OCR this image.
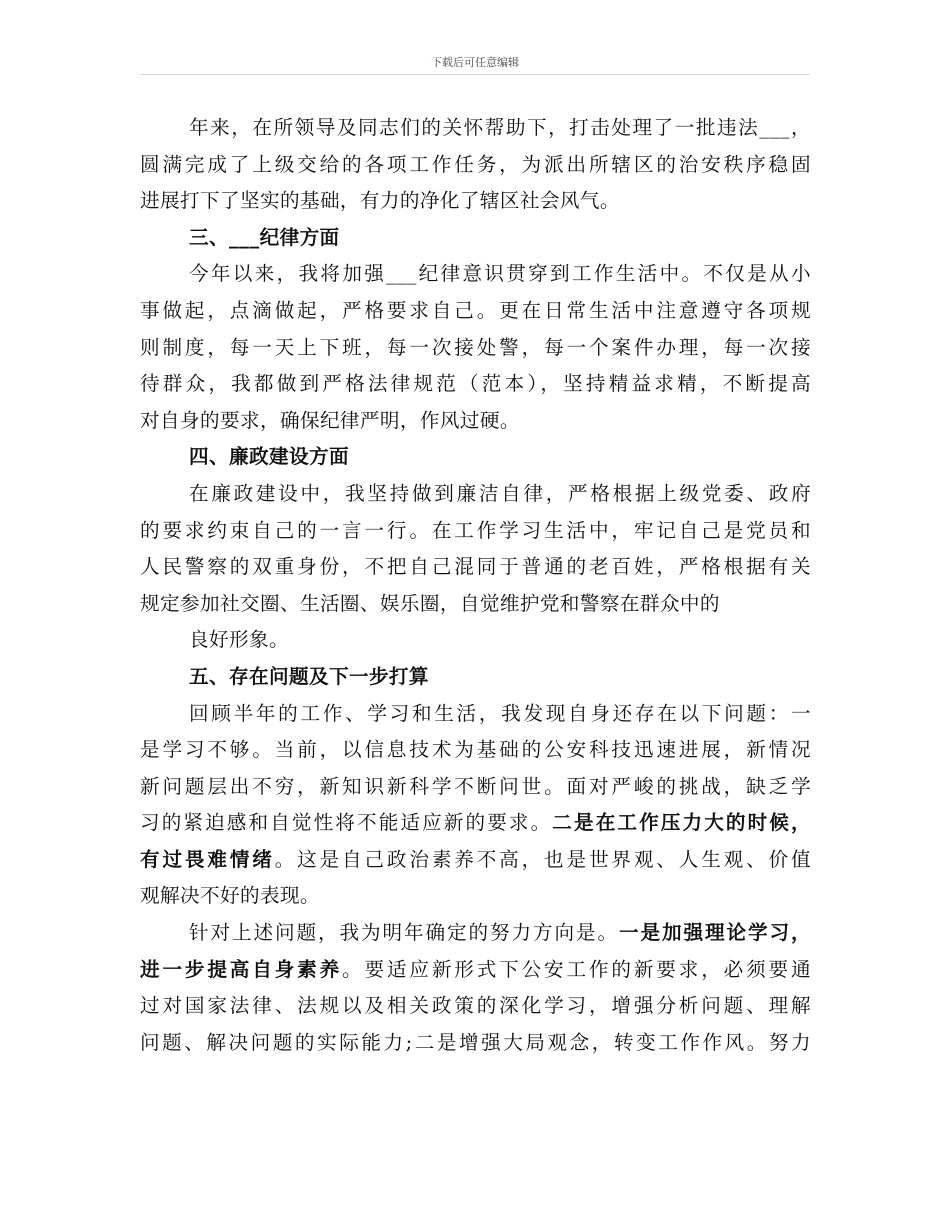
下载后可任意编辑
年来，在所领导及同志们的关怀帮助下，打击处理了一批违法___，
圆满完成了上级交给的各项工作任务，为派出所辖区的治安秩序稳固
进展打下了坚实的基础，有力的净化了辖区社会风气。
三、___纪律方面
今年以来，我将加强___纪律意识贯穿到工作生活中。不仅是从小
事做起，点滴做起，严格要求自己。更在日常生活中注意遵守各项规
则制度，每一天上下班，每一次接处警，每一个案件办理，每一次接
待群众，我都做到严格法律规范（范本），坚持精益求精，不断提高
对自身的要求，确保纪律严明，作风过硬。
四、廉政建设方面
在廉政建设中，我坚持做到廉洁自律，严格根据上级党委、政府
的要求约束自己的一言一行。在工作学习生活中，牢记自己是党员和
人民警察的双重身份，不把自己混同于普通的老百姓，严格根据有关
规定参加社交圈、生活圈、娱乐圈，自觉维护党和警察在群众中的
良好形象。
五、存在问题及下一步打算
回顾半年的工作、学习和生活，我发现自身还存在以下问题：一
是学习不够。当前，以信息技术为基础的公安科技迅速进展，新情况
新问题层出不穷，新知识新科学不断问世。面对严峻的挑战，缺乏学
习的紧迫感和自觉性将不能适应新的要求。二是在工作压力大的时候，
有过畏难情绪。这是自己政治素养不高，也是世界观、人生观、价值
观解决不好的表现。
针对上述问题，我为明年确定的努力方向是。一是加强理论学习，
进一步提高自身素养。要适应新形式下公安工作的新要求，必须要通
过对国家法律、法规以及相关政策的深化学习，增强分析问题、理解
问题、解决问题的实际能力;二是增强大局观念，转变工作作风。努力
